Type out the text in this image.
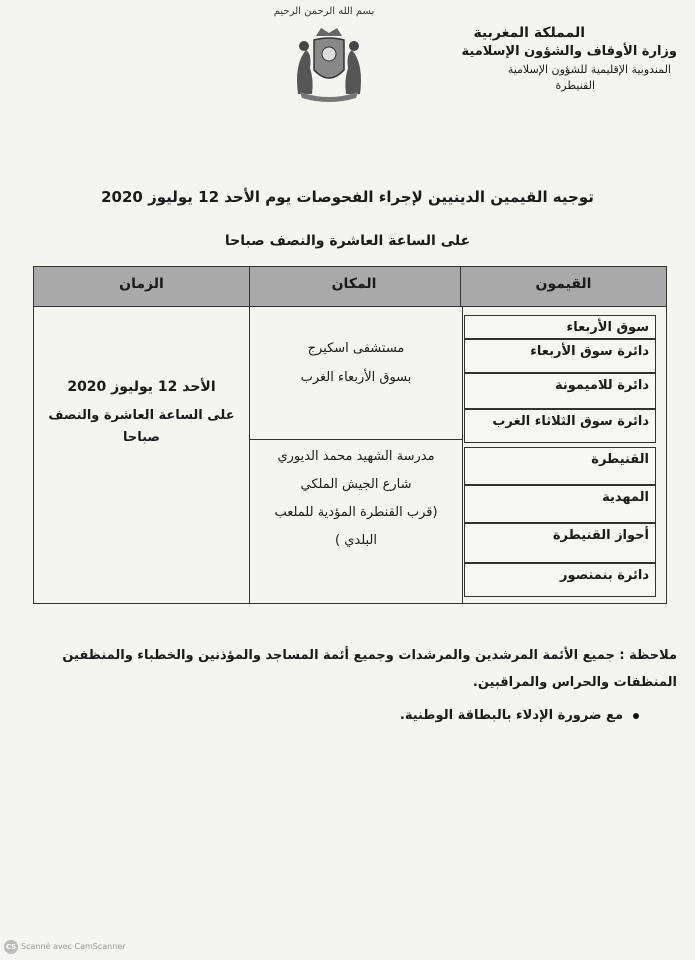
بسم الله الرحمن الرحيم
المملكة المغربية
وزارة الأوقاف والشؤون الإسلامية
المندوبية الإقليمية للشؤون الإسلامية
القنيطرة
توجيه القيمين الدينيين لإجراء الفحوصات يوم الأحد 12 يوليوز 2020
على الساعة العاشرة والنصف صباحا
القيمون
المكان
الزمان
الأحد 12 يوليوز 2020
على الساعة العاشرة والنصف صباحا
مستشفى اسكيرج
بسوق الأربعاء الغرب
مدرسة الشهيد محمد الديوري
شارع الجيش الملكي
(قرب القنطرة المؤدية للملعب
البلدي )
سوق الأربعاء
دائرة سوق الأربعاء
دائرة للاميمونة
دائرة سوق الثلاثاء الغرب
القنيطرة
المهدية
أحواز القنيطرة
دائرة بنمنصور
ملاحظة : جميع الأئمة المرشدين والمرشدات وجميع أئمة المساجد والمؤذنين والخطباء والمنظفين المنظفات والحراس والمراقبين.
مع ضرورة الإدلاء بالبطاقة الوطنية.
CS Scanné avec CamScanner
